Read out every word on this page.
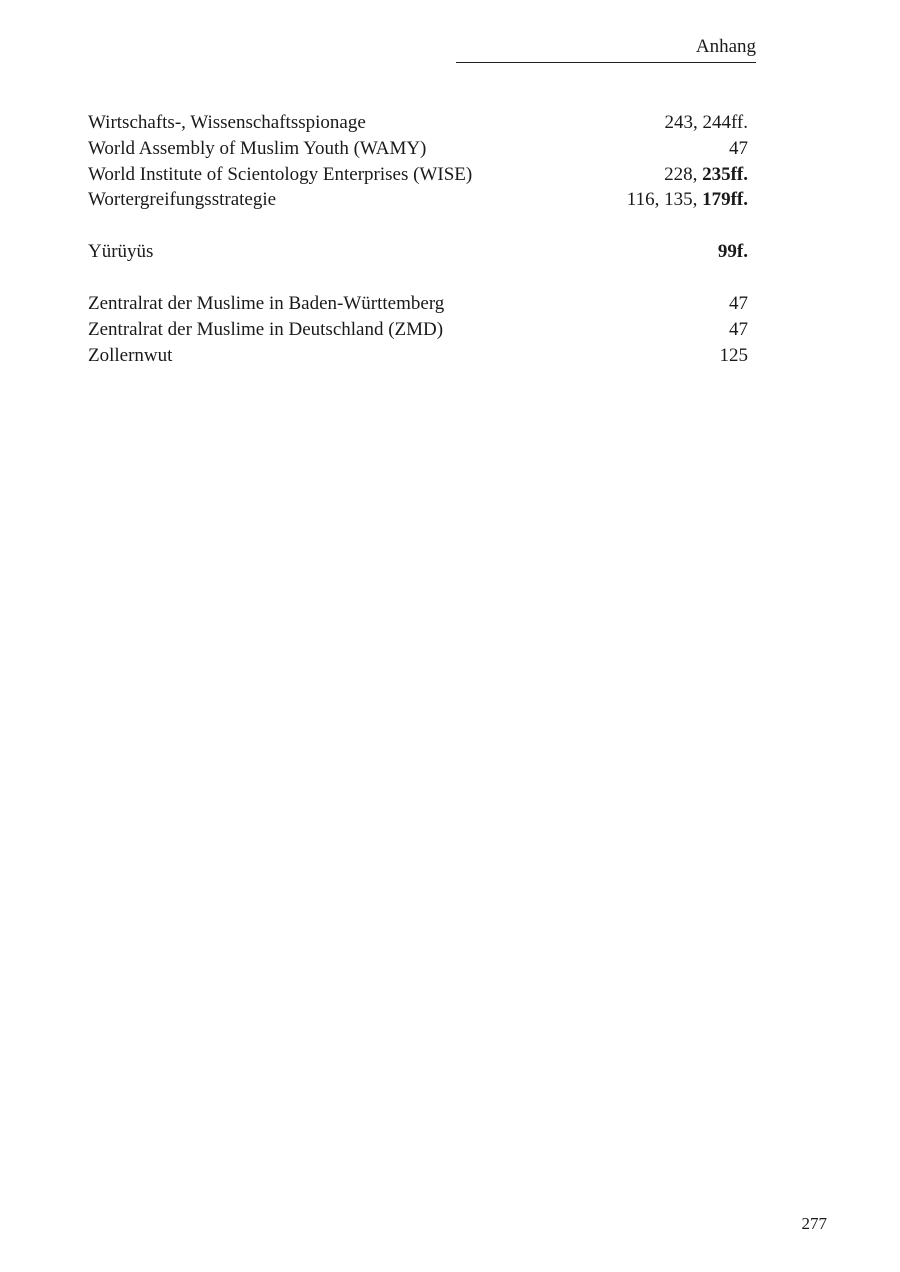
Anhang
Wirtschafts-, Wissenschaftsspionage	243, 244ff.
World Assembly of Muslim Youth (WAMY)	47
World Institute of Scientology Enterprises (WISE)	228, 235ff.
Wortergreifungsstrategie	116, 135, 179ff.
Yürüyüs	99f.
Zentralrat der Muslime in Baden-Württemberg	47
Zentralrat der Muslime in Deutschland (ZMD)	47
Zollernwut	125
277
